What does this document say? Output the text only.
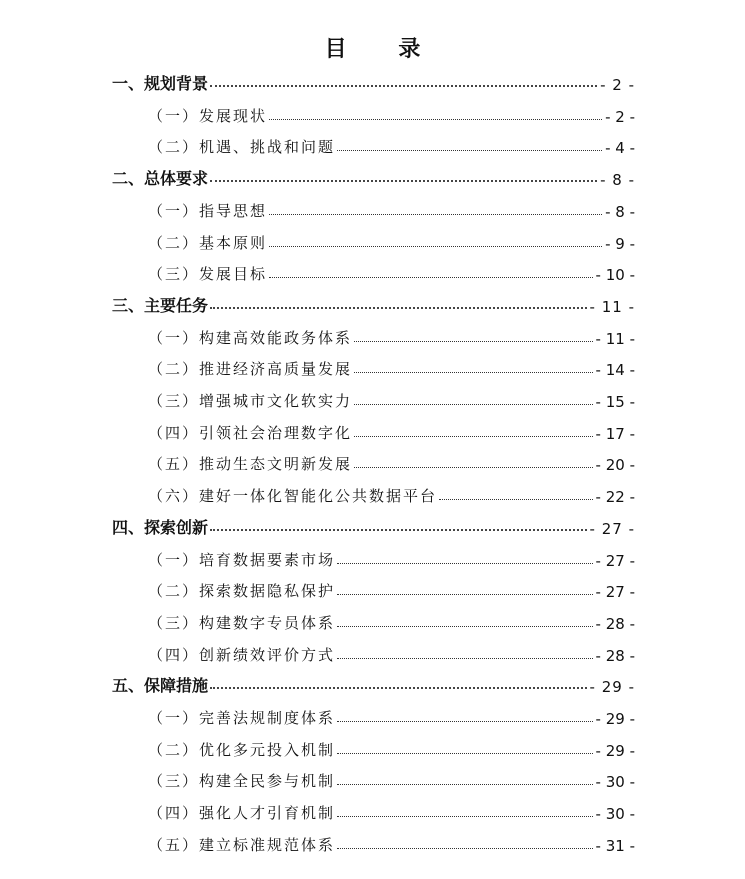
目 录
一、规划背景	- 2 -
（一）发展现状	- 2 -
（二）机遇、挑战和问题	- 4 -
二、总体要求	- 8 -
（一）指导思想	- 8 -
（二）基本原则	- 9 -
（三）发展目标	- 10 -
三、主要任务	- 11 -
（一）构建高效能政务体系	- 11 -
（二）推进经济高质量发展	- 14 -
（三）增强城市文化软实力	- 15 -
（四）引领社会治理数字化	- 17 -
（五）推动生态文明新发展	- 20 -
（六）建好一体化智能化公共数据平台	- 22 -
四、探索创新	- 27 -
（一）培育数据要素市场	- 27 -
（二）探索数据隐私保护	- 27 -
（三）构建数字专员体系	- 28 -
（四）创新绩效评价方式	- 28 -
五、保障措施	- 29 -
（一）完善法规制度体系	- 29 -
（二）优化多元投入机制	- 29 -
（三）构建全民参与机制	- 30 -
（四）强化人才引育机制	- 30 -
（五）建立标准规范体系	- 31 -
